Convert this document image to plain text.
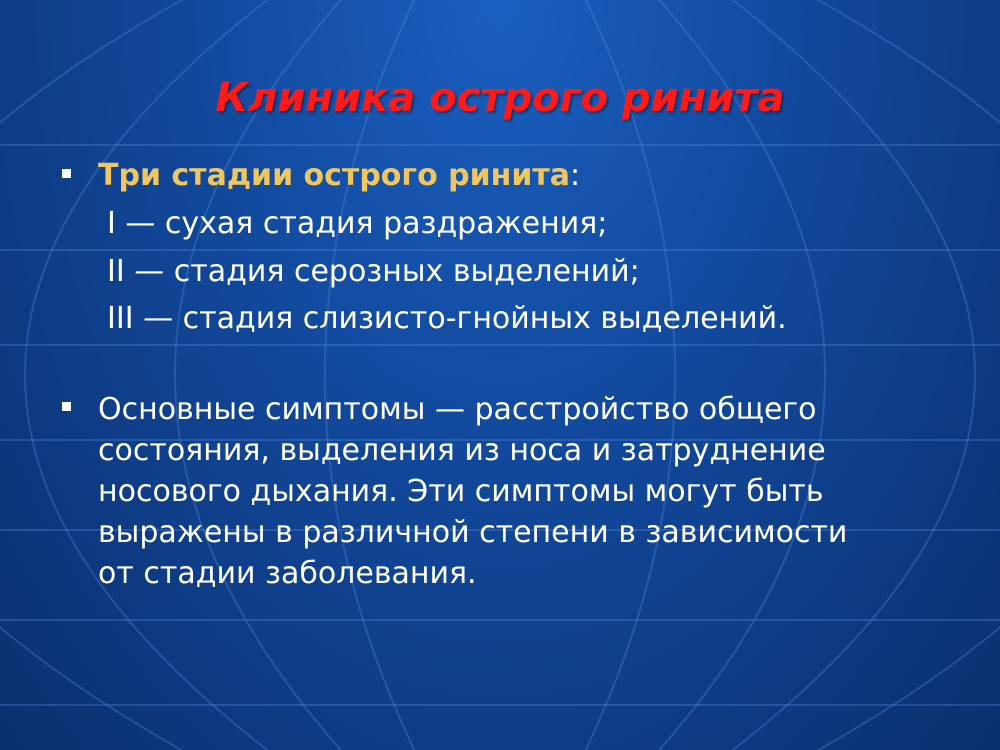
Клиника острого ринита

Три стадии острого ринита:

I — сухая стадия раздражения;

II — стадия серозных выделений;

III — стадия слизисто-гнойных выделений.

Основные симптомы — расстройство общего

состояния, выделения из носа и затруднение

носового дыхания. Эти симптомы могут быть

выражены в различной степени в зависимости

от стадии заболевания.
